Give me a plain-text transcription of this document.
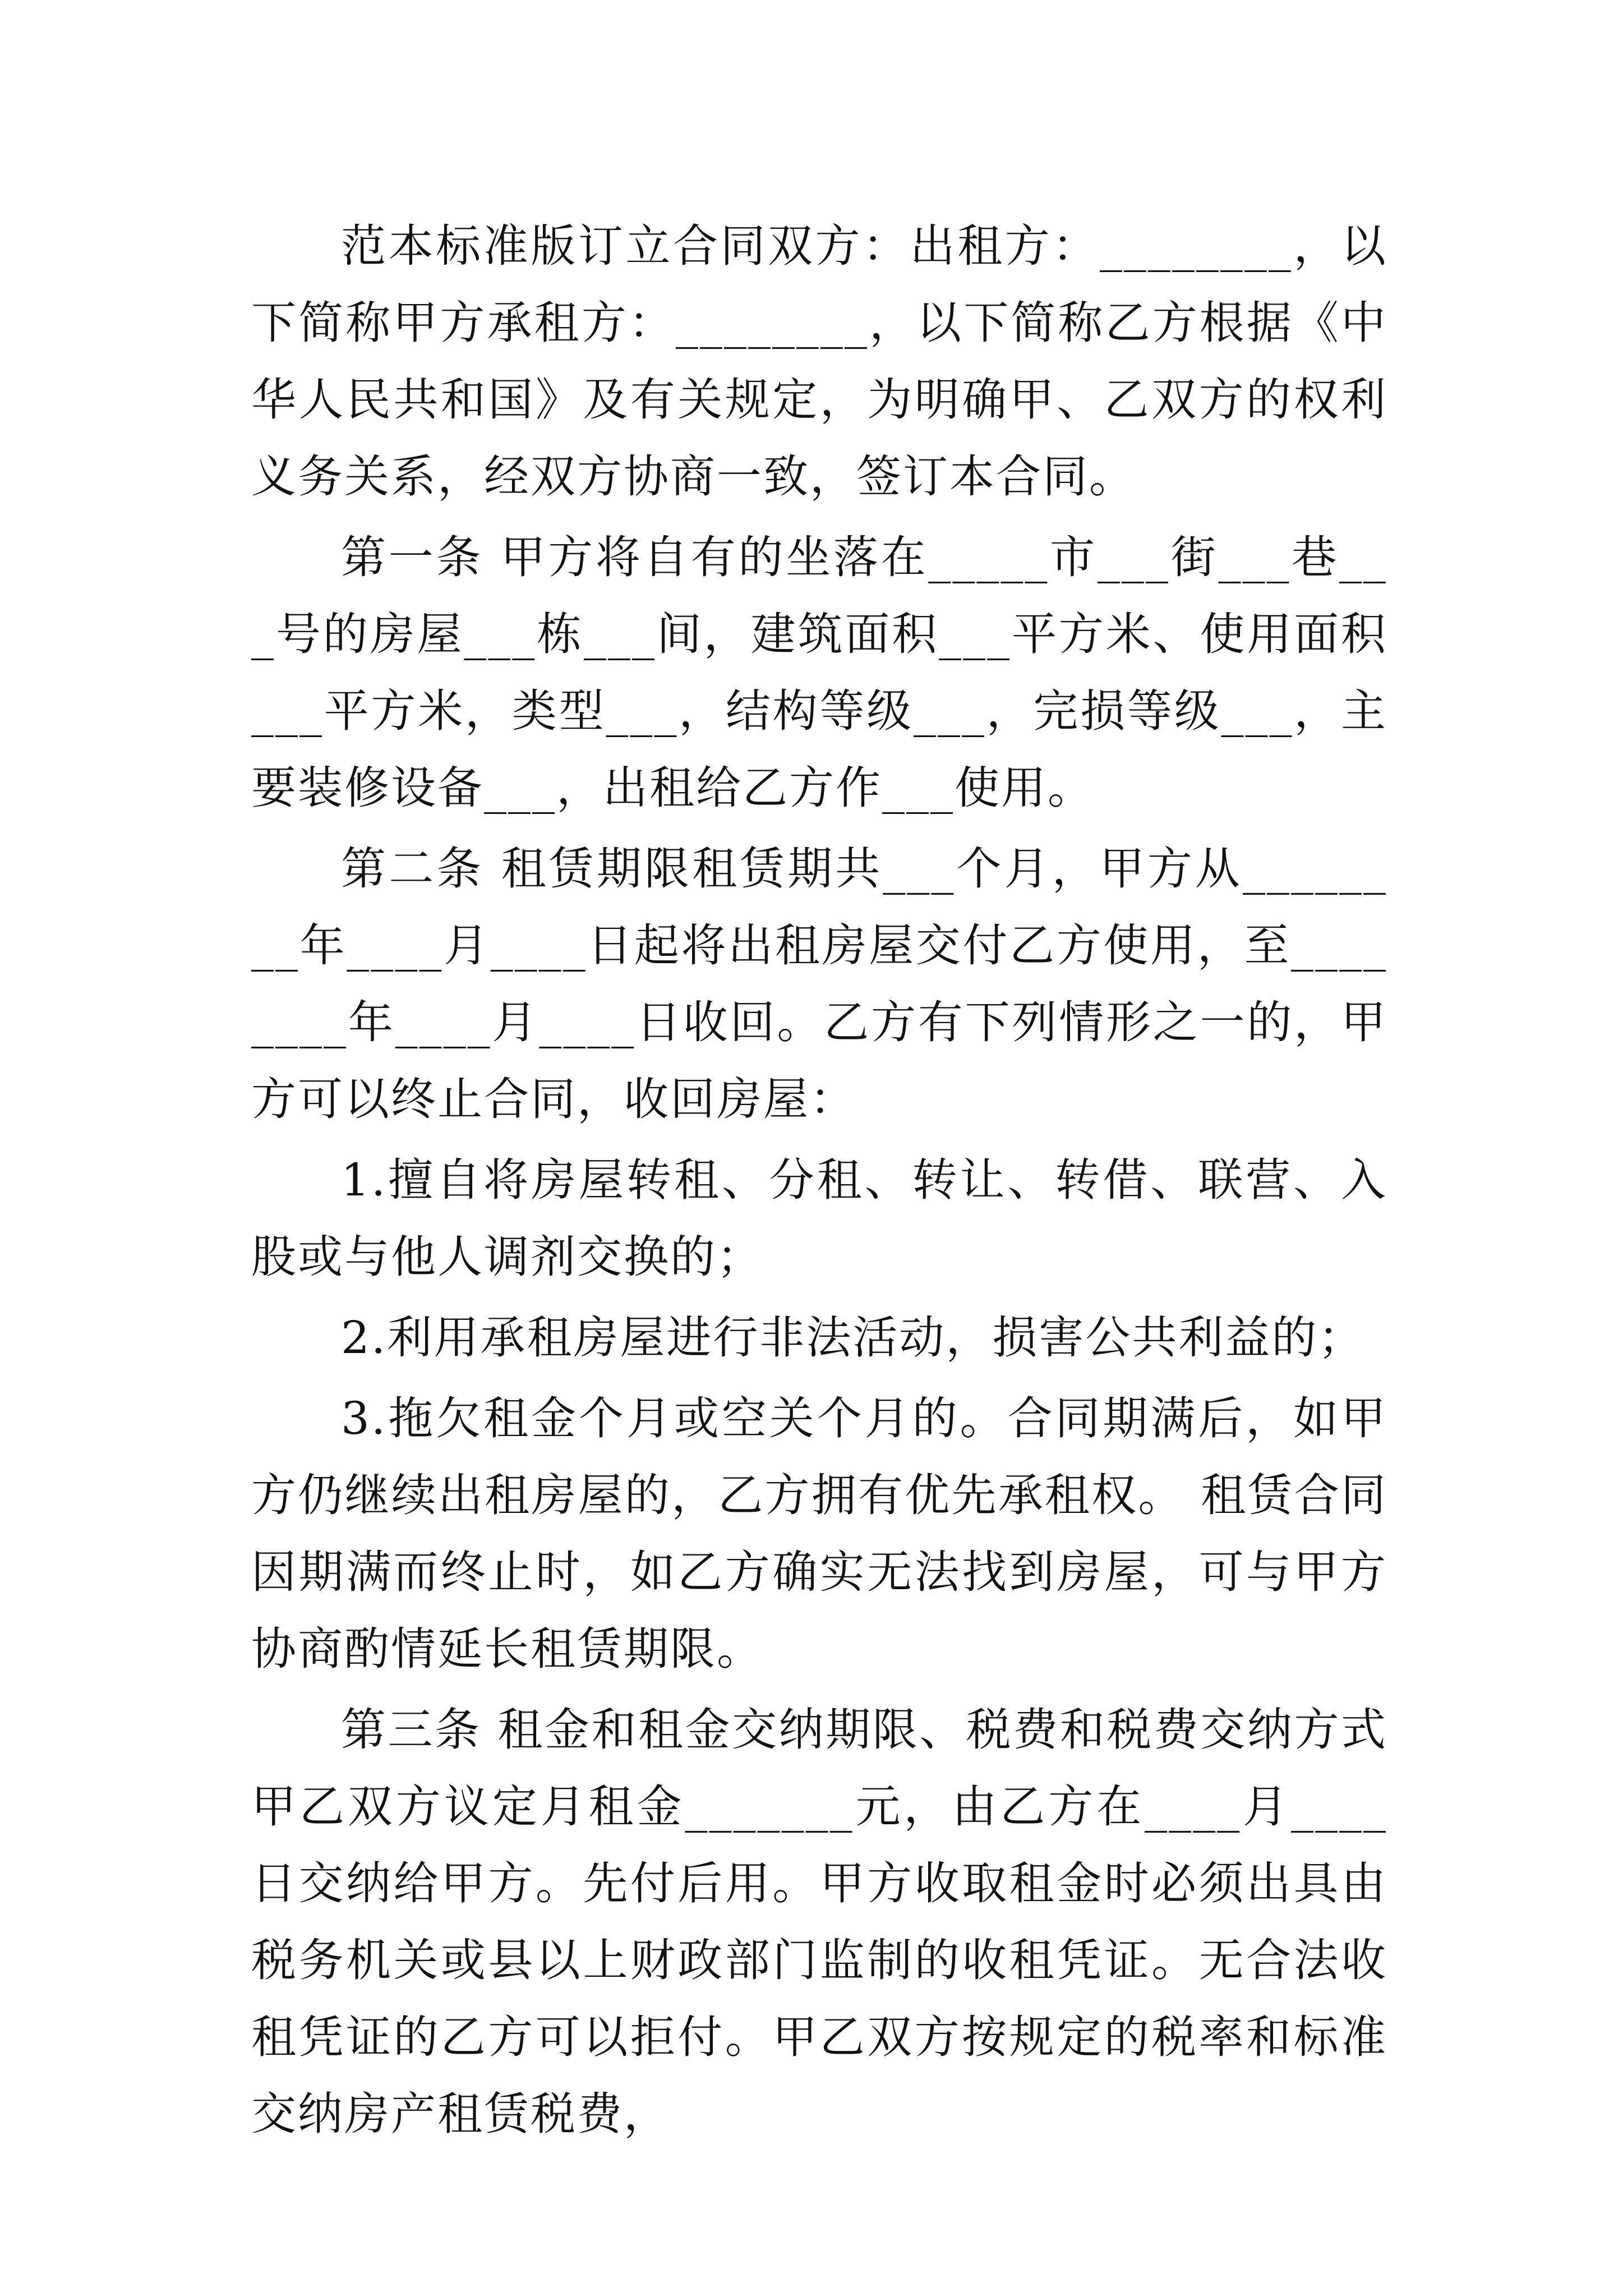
范本标准版订立合同双方：出租方：________，以下简称甲方承租方：________，以下简称乙方根据《中华人民共和国》及有关规定，为明确甲、乙双方的权利义务关系，经双方协商一致，签订本合同。

第一条 甲方将自有的坐落在_____市___街___巷___号的房屋___栋___间，建筑面积___平方米、使用面积___平方米，类型___，结构等级___，完损等级___，主要装修设备___，出租给乙方作___使用。

第二条 租赁期限租赁期共___个月，甲方从________年____月____日起将出租房屋交付乙方使用，至________年____月____日收回。乙方有下列情形之一的，甲方可以终止合同，收回房屋：

1.擅自将房屋转租、分租、转让、转借、联营、入股或与他人调剂交换的；

2.利用承租房屋进行非法活动，损害公共利益的；

3.拖欠租金个月或空关个月的。合同期满后，如甲方仍继续出租房屋的，乙方拥有优先承租权。 租赁合同因期满而终止时，如乙方确实无法找到房屋，可与甲方协商酌情延长租赁期限。

第三条 租金和租金交纳期限、税费和税费交纳方式甲乙双方议定月租金_______元，由乙方在____月____日交纳给甲方。先付后用。甲方收取租金时必须出具由税务机关或县以上财政部门监制的收租凭证。无合法收租凭证的乙方可以拒付。甲乙双方按规定的税率和标准交纳房产租赁税费，
